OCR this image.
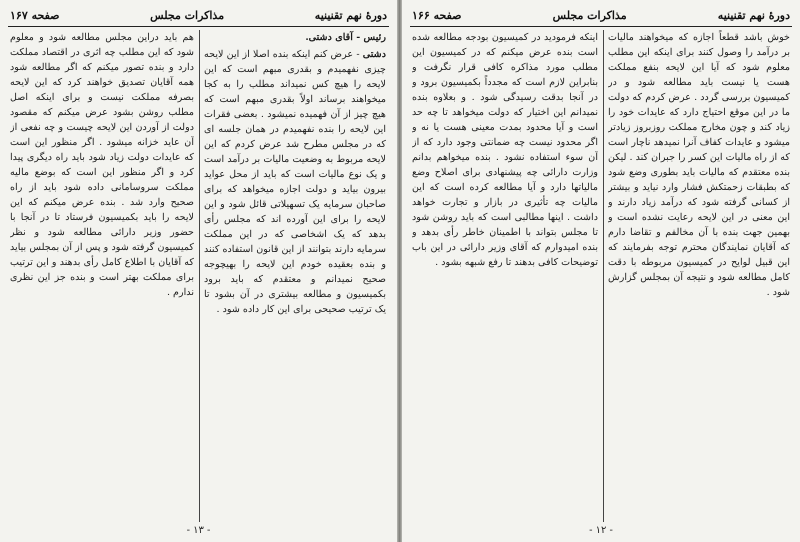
دورهٔ نهم تقنینیه
مذاکرات مجلس
صفحه ۱۶۷

رئیس - آقای دشتی.
دشتی - عرض کنم اینکه بنده اصلا از این لایحه چیزی نفهمیدم و بقدری مبهم است که این لایحه را هیچ کس نمیداند مطلب را به کجا میخواهند برساند اولاً بقدری مبهم است که هیچ چیز از آن فهمیده نمیشود . بعضی فقرات این لایحه را بنده نفهمیدم در همان جلسه ای که در مجلس مطرح شد عرض کردم که این لایحه مربوط به وضعیت مالیات بر درآمد است و یک نوع مالیات است که باید از محل عواید بیرون بیاید و دولت اجازه میخواهد که برای صاحبان سرمایه یک تسهیلاتی قائل شود و این لایحه را برای این آورده اند که مجلس رأی بدهد که یک اشخاصی که در این مملکت سرمایه دارند بتوانند از این قانون استفاده کنند و بنده بعقیده خودم این لایحه را بهیچوجه صحیح نمیدانم و معتقدم که باید برود بکمیسیون و مطالعه بیشتری در آن بشود تا یک ترتیب صحیحی برای این کار داده شود .

هم باید دراین مجلس مطالعه شود و معلوم شود که این مطلب چه اثری در اقتصاد مملکت دارد و بنده تصور میکنم که اگر مطالعه شود همه آقایان تصدیق خواهند کرد که این لایحه بصرفه مملکت نیست و برای اینکه اصل مطلب روشن بشود عرض میکنم که مقصود دولت از آوردن این لایحه چیست و چه نفعی از آن عاید خزانه میشود . اگر منظور این است که عایدات دولت زیاد شود باید راه دیگری پیدا کرد و اگر منظور این است که بوضع مالیه مملکت سروسامانی داده شود باید از راه صحیح وارد شد . بنده عرض میکنم که این لایحه را باید بکمیسیون فرستاد تا در آنجا با حضور وزیر دارائی مطالعه شود و نظر کمیسیون گرفته شود و پس از آن بمجلس بیاید که آقایان با اطلاع کامل رأی بدهند و این ترتیب برای مملکت بهتر است و بنده جز این نظری ندارم .

- ۱۳ -
دورهٔ نهم تقنینیه
مذاکرات مجلس
صفحه ۱۶۶

خوش باشد قطعاً اجازه که میخواهند مالیات بر درآمد را وصول کنند برای اینکه این مطلب معلوم شود که آیا این لایحه بنفع مملکت هست یا نیست باید مطالعه شود و در کمیسیون بررسی گردد . عرض کردم که دولت ما در این موقع احتیاج دارد که عایدات خود را زیاد کند و چون مخارج مملکت روزبروز زیادتر میشود و عایدات کفاف آنرا نمیدهد ناچار است که از راه مالیات این کسر را جبران کند . لیکن بنده معتقدم که مالیات باید بطوری وضع شود که بطبقات زحمتکش فشار وارد نیاید و بیشتر از کسانی گرفته شود که درآمد زیاد دارند و این معنی در این لایحه رعایت نشده است و بهمین جهت بنده با آن مخالفم و تقاضا دارم که آقایان نمایندگان محترم توجه بفرمایند که این قبیل لوایح در کمیسیون مربوطه با دقت کامل مطالعه شود و نتیجه آن بمجلس گزارش شود .

اینکه فرمودید در کمیسیون بودجه مطالعه شده است بنده عرض میکنم که در کمیسیون این مطلب مورد مذاکره کافی قرار نگرفت و بنابراین لازم است که مجدداً بکمیسیون برود و در آنجا بدقت رسیدگی شود . و بعلاوه بنده نمیدانم این اختیار که دولت میخواهد تا چه حد است و آیا محدود بمدت معینی هست یا نه و اگر محدود نیست چه ضمانتی وجود دارد که از آن سوء استفاده نشود . بنده میخواهم بدانم وزارت دارائی چه پیشنهادی برای اصلاح وضع مالیاتها دارد و آیا مطالعه کرده است که این مالیات چه تأثیری در بازار و تجارت خواهد داشت . اینها مطالبی است که باید روشن شود تا مجلس بتواند با اطمینان خاطر رأی بدهد و بنده امیدوارم که آقای وزیر دارائی در این باب توضیحات کافی بدهند تا رفع شبهه بشود .

- ۱۲ -
